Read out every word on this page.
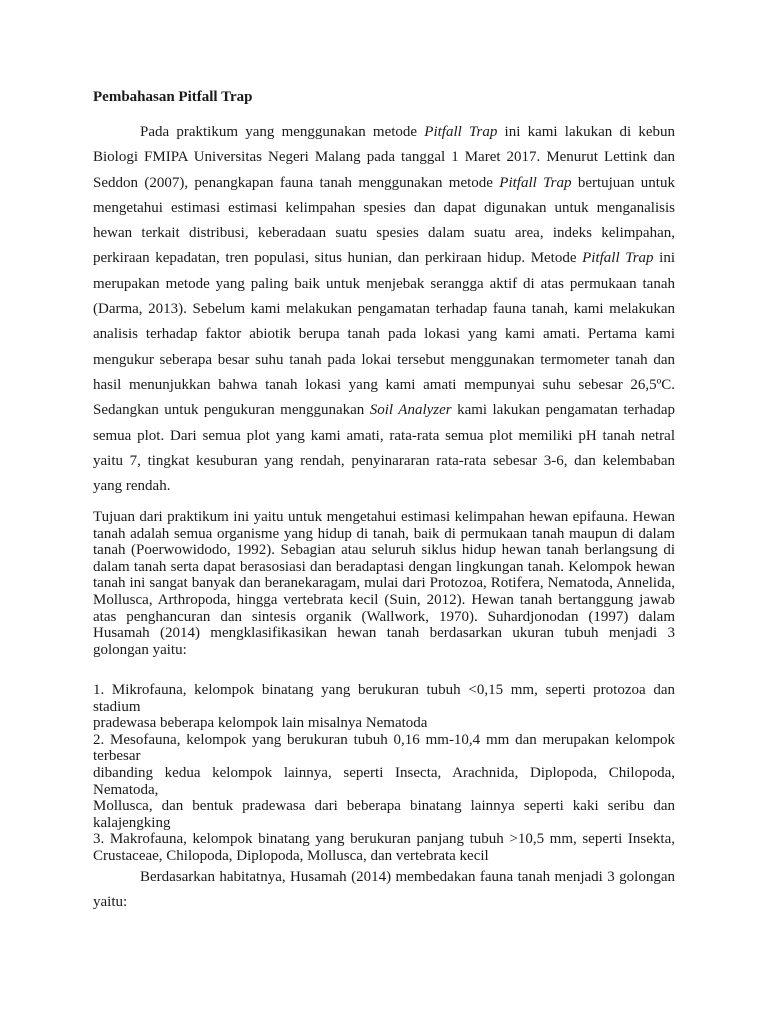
Pembahasan Pitfall Trap

Pada praktikum yang menggunakan metode Pitfall Trap ini kami lakukan di kebun Biologi FMIPA Universitas Negeri Malang pada tanggal 1 Maret 2017. Menurut Lettink dan Seddon (2007), penangkapan fauna tanah menggunakan metode Pitfall Trap bertujuan untuk mengetahui estimasi estimasi kelimpahan spesies dan dapat digunakan untuk menganalisis hewan terkait distribusi, keberadaan suatu spesies dalam suatu area, indeks kelimpahan, perkiraan kepadatan, tren populasi, situs hunian, dan perkiraan hidup. Metode Pitfall Trap ini merupakan metode yang paling baik untuk menjebak serangga aktif di atas permukaan tanah (Darma, 2013). Sebelum kami melakukan pengamatan terhadap fauna tanah, kami melakukan analisis terhadap faktor abiotik berupa tanah pada lokasi yang kami amati. Pertama kami mengukur seberapa besar suhu tanah pada lokai tersebut menggunakan termometer tanah dan hasil menunjukkan bahwa tanah lokasi yang kami amati mempunyai suhu sebesar 26,5ºC. Sedangkan untuk pengukuran menggunakan Soil Analyzer kami lakukan pengamatan terhadap semua plot. Dari semua plot yang kami amati, rata-rata semua plot memiliki pH tanah netral yaitu 7, tingkat kesuburan yang rendah, penyinararan rata-rata sebesar 3-6, dan kelembaban yang rendah.

Tujuan dari praktikum ini yaitu untuk mengetahui estimasi kelimpahan hewan epifauna. Hewan tanah adalah semua organisme yang hidup di tanah, baik di permukaan tanah maupun di dalam tanah (Poerwowidodo, 1992). Sebagian atau seluruh siklus hidup hewan tanah berlangsung di dalam tanah serta dapat berasosiasi dan beradaptasi dengan lingkungan tanah. Kelompok hewan tanah ini sangat banyak dan beranekaragam, mulai dari Protozoa, Rotifera, Nematoda, Annelida, Mollusca, Arthropoda, hingga vertebrata kecil (Suin, 2012). Hewan tanah bertanggung jawab atas penghancuran dan sintesis organik (Wallwork, 1970). Suhardjonodan (1997) dalam Husamah (2014) mengklasifikasikan hewan tanah berdasarkan ukuran tubuh menjadi 3 golongan yaitu:

1. Mikrofauna, kelompok binatang yang berukuran tubuh <0,15 mm, seperti protozoa dan
stadium
pradewasa beberapa kelompok lain misalnya Nematoda
2. Mesofauna, kelompok yang berukuran tubuh 0,16 mm-10,4 mm dan merupakan kelompok
terbesar
dibanding kedua kelompok lainnya, seperti Insecta, Arachnida, Diplopoda, Chilopoda,
Nematoda,
Mollusca, dan bentuk pradewasa dari beberapa binatang lainnya seperti kaki seribu dan
kalajengking
3. Makrofauna, kelompok binatang yang berukuran panjang tubuh >10,5 mm, seperti Insekta,
Crustaceae, Chilopoda, Diplopoda, Mollusca, dan vertebrata kecil

Berdasarkan habitatnya, Husamah (2014) membedakan fauna tanah menjadi 3 golongan yaitu:
